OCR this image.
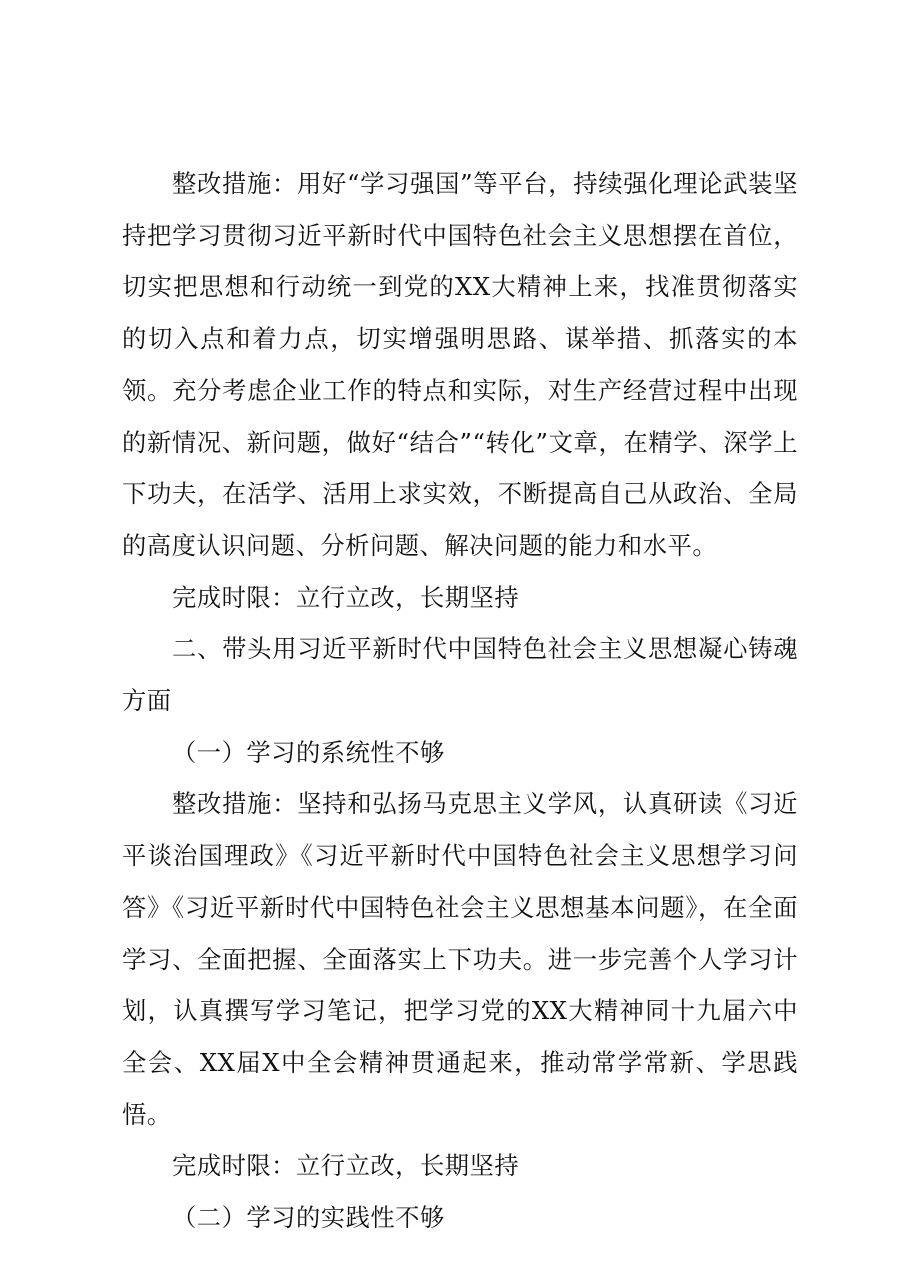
整改措施：用好“学习强国”等平台，持续强化理论武装坚持把学习贯彻习近平新时代中国特色社会主义思想摆在首位，切实把思想和行动统一到党的XX大精神上来，找准贯彻落实的切入点和着力点，切实增强明思路、谋举措、抓落实的本领。充分考虑企业工作的特点和实际，对生产经营过程中出现的新情况、新问题，做好“结合”“转化”文章，在精学、深学上下功夫，在活学、活用上求实效，不断提高自己从政治、全局的高度认识问题、分析问题、解决问题的能力和水平。

完成时限：立行立改，长期坚持

二、带头用习近平新时代中国特色社会主义思想凝心铸魂方面

（一）学习的系统性不够

整改措施：坚持和弘扬马克思主义学风，认真研读《习近平谈治国理政》《习近平新时代中国特色社会主义思想学习问答》《习近平新时代中国特色社会主义思想基本问题》，在全面学习、全面把握、全面落实上下功夫。进一步完善个人学习计划，认真撰写学习笔记，把学习党的XX大精神同十九届六中全会、XX届X中全会精神贯通起来，推动常学常新、学思践悟。

完成时限：立行立改，长期坚持

（二）学习的实践性不够
